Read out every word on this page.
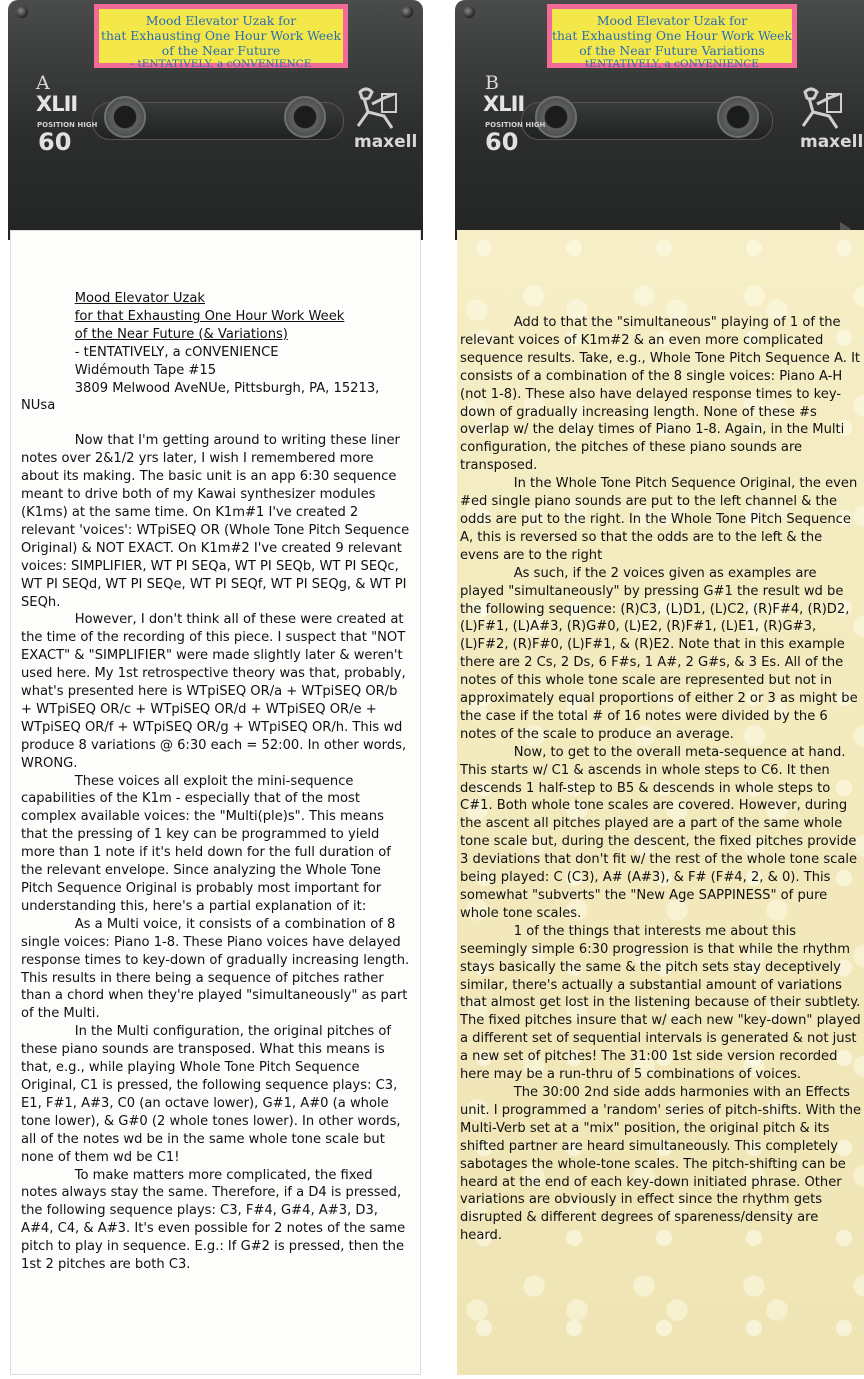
A
XLII
POSITION HIGH
60	maxell
Mood Elevator Uzak for
that Exhausting One Hour Work Week
of the Near Future
- tENTATIVELY, a cONVENIENCE

Mood Elevator Uzak

for that Exhausting One Hour Work Week

of the Near Future (& Variations)

- tENTATIVELY, a cONVENIENCE

Widémouth Tape #15

3809 Melwood AveNUe, Pittsburgh, PA, 15213, NUsa

Now that I'm getting around to writing these liner notes over 2&1/2 yrs later, I wish I remembered more about its making. The basic unit is an app 6:30 sequence meant to drive both of my Kawai synthesizer modules (K1ms) at the same time. On K1m#1 I've created 2 relevant 'voices': WTpiSEQ OR (Whole Tone Pitch Sequence Original) & NOT EXACT. On K1m#2 I've created 9 relevant voices: SIMPLIFIER, WT PI SEQa, WT PI SEQb, WT PI SEQc, WT PI SEQd, WT PI SEQe, WT PI SEQf, WT PI SEQg, & WT PI SEQh.

However, I don't think all of these were created at the time of the recording of this piece. I suspect that "NOT EXACT" & "SIMPLIFIER" were made slightly later & weren't used here. My 1st retrospective theory was that, probably, what's presented here is WTpiSEQ OR/a + WTpiSEQ OR/b + WTpiSEQ OR/c + WTpiSEQ OR/d + WTpiSEQ OR/e + WTpiSEQ OR/f + WTpiSEQ OR/g + WTpiSEQ OR/h. This wd produce 8 variations @ 6:30 each = 52:00. In other words, WRONG.

These voices all exploit the mini-sequence capabilities of the K1m - especially that of the most complex available voices: the "Multi(ple)s". This means that the pressing of 1 key can be programmed to yield more than 1 note if it's held down for the full duration of the relevant envelope. Since analyzing the Whole Tone Pitch Sequence Original is probably most important for understanding this, here's a partial explanation of it:

As a Multi voice, it consists of a combination of 8 single voices: Piano 1-8. These Piano voices have delayed response times to key-down of gradually increasing length. This results in there being a sequence of pitches rather than a chord when they're played "simultaneously" as part of the Multi.

In the Multi configuration, the original pitches of these piano sounds are transposed. What this means is that, e.g., while playing Whole Tone Pitch Sequence Original, C1 is pressed, the following sequence plays: C3, E1, F#1, A#3, C0 (an octave lower), G#1, A#0 (a whole tone lower), & G#0 (2 whole tones lower). In other words, all of the notes wd be in the same whole tone scale but none of them wd be C1!

To make matters more complicated, the fixed notes always stay the same. Therefore, if a D4 is pressed, the following sequence plays: C3, F#4, G#4, A#3, D3, A#4, C4, & A#3. It's even possible for 2 notes of the same pitch to play in sequence. E.g.: If G#2 is pressed, then the 1st 2 pitches are both C3.

B
XLII
POSITION HIGH
60	maxell
Mood Elevator Uzak for
that Exhausting One Hour Work Week
of the Near Future Variations
tENTATIVELY, a cONVENIENCE

Add to that the "simultaneous" playing of 1 of the relevant voices of K1m#2 & an even more complicated sequence results. Take, e.g., Whole Tone Pitch Sequence A. It consists of a combination of the 8 single voices: Piano A-H (not 1-8). These also have delayed response times to key-down of gradually increasing length. None of these #s overlap w/ the delay times of Piano 1-8. Again, in the Multi configuration, the pitches of these piano sounds are transposed.

In the Whole Tone Pitch Sequence Original, the even #ed single piano sounds are put to the left channel & the odds are put to the right. In the Whole Tone Pitch Sequence A, this is reversed so that the odds are to the left & the evens are to the right

As such, if the 2 voices given as examples are played "simultaneously" by pressing G#1 the result wd be the following sequence: (R)C3, (L)D1, (L)C2, (R)F#4, (R)D2, (L)F#1, (L)A#3, (R)G#0, (L)E2, (R)F#1, (L)E1, (R)G#3, (L)F#2, (R)F#0, (L)F#1, & (R)E2. Note that in this example there are 2 Cs, 2 Ds, 6 F#s, 1 A#, 2 G#s, & 3 Es. All of the notes of this whole tone scale are represented but not in approximately equal proportions of either 2 or 3 as might be the case if the total # of 16 notes were divided by the 6 notes of the scale to produce an average.

Now, to get to the overall meta-sequence at hand. This starts w/ C1 & ascends in whole steps to C6. It then descends 1 half-step to B5 & descends in whole steps to C#1. Both whole tone scales are covered. However, during the ascent all pitches played are a part of the same whole tone scale but, during the descent, the fixed pitches provide 3 deviations that don't fit w/ the rest of the whole tone scale being played: C (C3), A# (A#3), & F# (F#4, 2, & 0). This somewhat "subverts" the "New Age SAPPINESS" of pure whole tone scales.

1 of the things that interests me about this seemingly simple 6:30 progression is that while the rhythm stays basically the same & the pitch sets stay deceptively similar, there's actually a substantial amount of variations that almost get lost in the listening because of their subtlety. The fixed pitches insure that w/ each new "key-down" played a different set of sequential intervals is generated & not just a new set of pitches! The 31:00 1st side version recorded here may be a run-thru of 5 combinations of voices.

The 30:00 2nd side adds harmonies with an Effects unit. I programmed a 'random' series of pitch-shifts. With the Multi-Verb set at a "mix" position, the original pitch & its shifted partner are heard simultaneously. This completely sabotages the whole-tone scales. The pitch-shifting can be heard at the end of each key-down initiated phrase. Other variations are obviously in effect since the rhythm gets disrupted & different degrees of spareness/density are heard.
